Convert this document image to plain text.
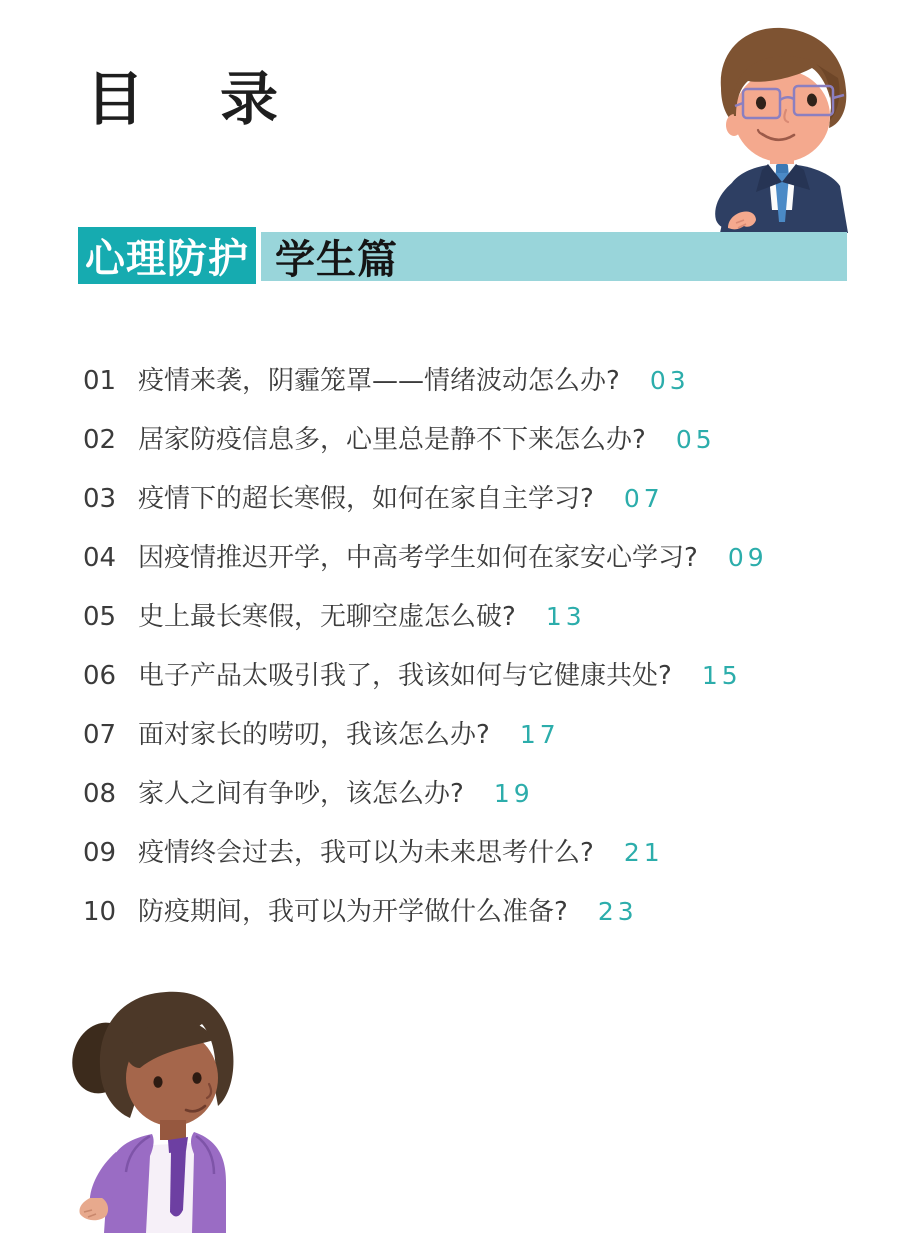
目 录
心理防护 学生篇
01 疫情来袭，阴霾笼罩——情绪波动怎么办? 03
02 居家防疫信息多，心里总是静不下来怎么办? 05
03 疫情下的超长寒假，如何在家自主学习? 07
04 因疫情推迟开学，中高考学生如何在家安心学习? 09
05 史上最长寒假，无聊空虚怎么破? 13
06 电子产品太吸引我了，我该如何与它健康共处? 15
07 面对家长的唠叨，我该怎么办? 17
08 家人之间有争吵，该怎么办? 19
09 疫情终会过去，我可以为未来思考什么? 21
10 防疫期间，我可以为开学做什么准备? 23
